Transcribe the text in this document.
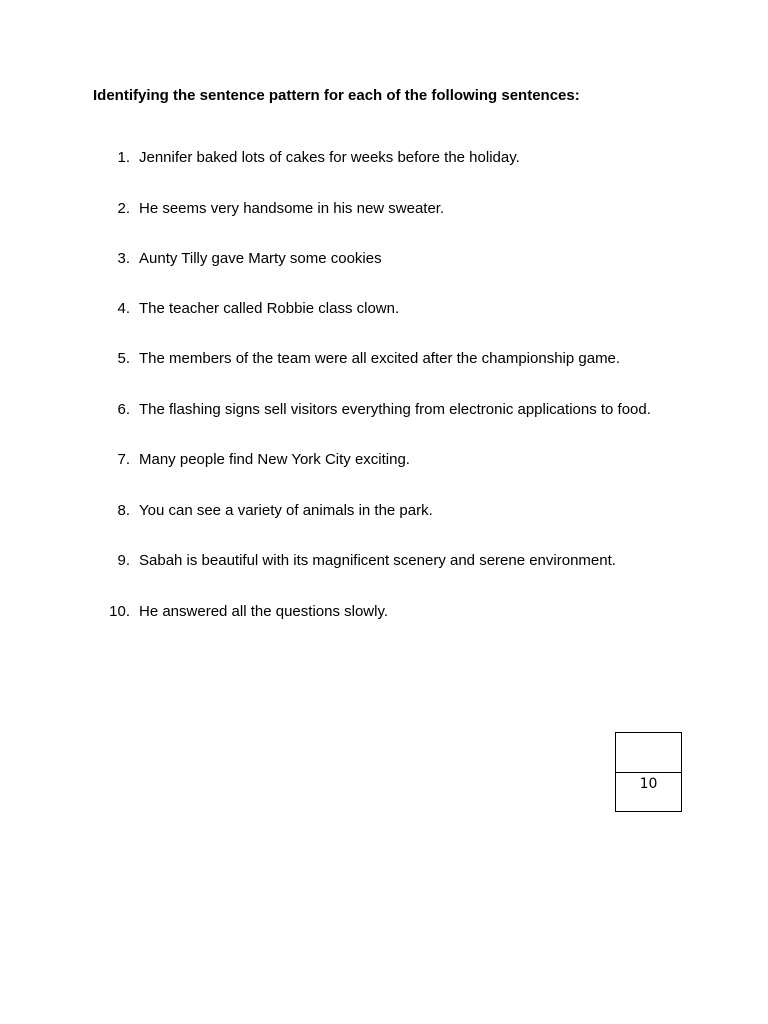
Identifying the sentence pattern for each of the following sentences:
1. Jennifer baked lots of cakes for weeks before the holiday.
2. He seems very handsome in his new sweater.
3. Aunty Tilly gave Marty some cookies
4. The teacher called Robbie class clown.
5. The members of the team were all excited after the championship game.
6. The flashing signs sell visitors everything from electronic applications to food.
7. Many people find New York City exciting.
8. You can see a variety of animals in the park.
9. Sabah is beautiful with its magnificent scenery and serene environment.
10. He answered all the questions slowly.
10
